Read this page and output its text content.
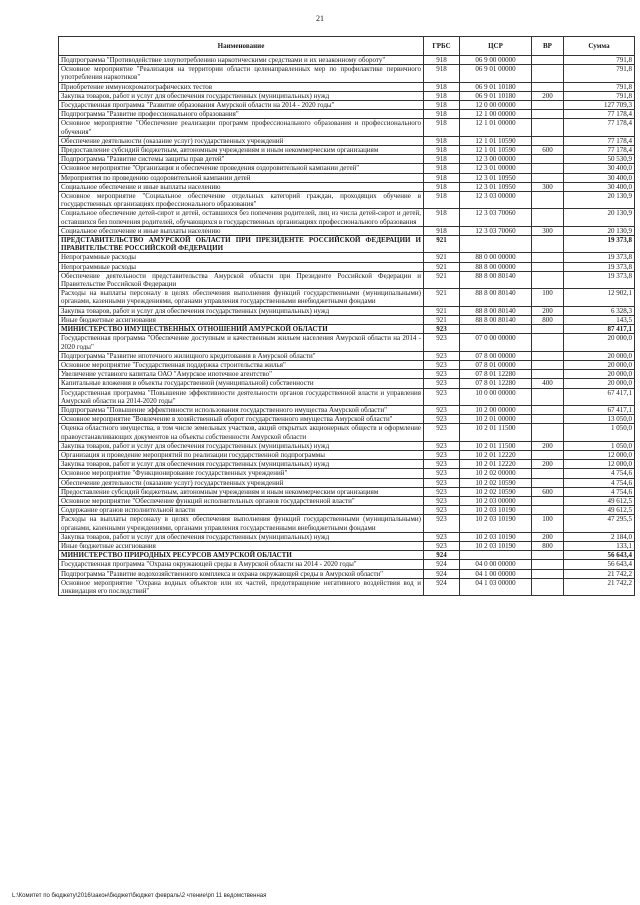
21
Наименование	ГРБС	ЦСР	ВР	Сумма
Подпрограмма "Противодействие злоупотреблению наркотическими средствами и их незаконному обороту"	918	06 9 00 00000		791,8
Основное мероприятие "Реализация на территории области целенаправленных мер по профилактике первичного употребления наркотиков"	918	06 9 01 00000		791,8
Приобретение иммунохроматографических тестов	918	06 9 01 10180		791,8
Закупка товаров, работ и услуг для обеспечения государственных (муниципальных) нужд	918	06 9 01 10180	200	791,8
Государственная программа "Развитие образования Амурской области на 2014 - 2020 годы"	918	12 0 00 00000		127 709,3
Подпрограмма "Развитие профессионального образования"	918	12 1 00 00000		77 178,4
Основное мероприятие "Обеспечение реализации программ профессионального образования и профессионального обучения"	918	12 1 01 00000		77 178,4
Обеспечение деятельности (оказание услуг) государственных учреждений	918	12 1 01 10590		77 178,4
Предоставление субсидий бюджетным, автономным учреждениям и иным некоммерческим организациям	918	12 1 01 10590	600	77 178,4
Подпрограмма "Развитие системы защиты прав детей"	918	12 3 00 00000		50 530,9
Основное мероприятие "Организация и обеспечение проведения оздоровительной кампании детей"	918	12 3 01 00000		30 400,0
Мероприятия по проведению оздоровительной кампании детей	918	12 3 01 10950		30 400,0
Социальное обеспечение и иные выплаты населению	918	12 3 01 10950	300	30 400,0
Основное мероприятие "Социальное обеспечение отдельных категорий граждан, проходящих обучение в государственных организациях профессионального образования"	918	12 3 03 00000		20 130,9
Социальное обеспечение детей-сирот и детей, оставшихся без попечения родителей, лиц из числа детей-сирот и детей, оставшихся без попечения родителей, обучающихся в государственных организациях профессионального образования	918	12 3 03 70060		20 130,9
Социальное обеспечение и иные выплаты населению	918	12 3 03 70060	300	20 130,9
ПРЕДСТАВИТЕЛЬСТВО АМУРСКОЙ ОБЛАСТИ ПРИ ПРЕЗИДЕНТЕ РОССИЙСКОЙ ФЕДЕРАЦИИ И ПРАВИТЕЛЬСТВЕ РОССИЙСКОЙ ФЕДЕРАЦИИ	921			19 373,8
Непрограммные расходы	921	88 0 00 00000		19 373,8
Непрограммные расходы	921	88 8 00 00000		19 373,8
Обеспечение деятельности представительства Амурской области при Президенте Российской Федерации и Правительстве Российской Федерации	921	88 8 00 80140		19 373,8
Расходы на выплаты персоналу в целях обеспечения выполнения функций государственными (муниципальными) органами, казенными учреждениями, органами управления государственными внебюджетными фондами	921	88 8 00 80140	100	12 902,1
Закупка товаров, работ и услуг для обеспечения государственных (муниципальных) нужд	921	88 8 00 80140	200	6 328,3
Иные бюджетные ассигнования	921	88 8 00 80140	800	143,5
МИНИСТЕРСТВО ИМУЩЕСТВЕННЫХ ОТНОШЕНИЙ АМУРСКОЙ ОБЛАСТИ	923			87 417,1
Государственная программа "Обеспечение доступным и качественным жильем населения Амурской области на 2014 - 2020 годы"	923	07 0 00 00000		20 000,0
Подпрограмма "Развитие ипотечного жилищного кредитования в Амурской области"	923	07 8 00 00000		20 000,0
Основное мероприятие "Государственная поддержка строительства жилья"	923	07 8 01 00000		20 000,0
Увеличение уставного капитала ОАО "Амурское ипотечное агентство"	923	07 8 01 12280		20 000,0
Капитальные вложения в объекты государственной (муниципальной) собственности	923	07 8 01 12280	400	20 000,0
Государственная программа "Повышение эффективности деятельности органов государственной власти и управления Амурской области на 2014-2020 годы"	923	10 0 00 00000		67 417,1
Подпрограмма "Повышение эффективности использования государственного имущества Амурской области"	923	10 2 00 00000		67 417,1
Основное мероприятие "Вовлечение в хозяйственный оборот государственного имущества Амурской области"	923	10 2 01 00000		13 050,0
Оценка областного имущества, в том числе земельных участков, акций открытых акционерных обществ и оформление правоустанавливающих документов на объекты собственности Амурской области	923	10 2 01 11500		1 050,0
Закупка товаров, работ и услуг для обеспечения государственных (муниципальных) нужд	923	10 2 01 11500	200	1 050,0
Организация и проведение мероприятий по реализации государственной подпрограммы	923	10 2 01 12220		12 000,0
Закупка товаров, работ и услуг для обеспечения государственных (муниципальных) нужд	923	10 2 01 12220	200	12 000,0
Основное мероприятие "Функционирование государственных учреждений"	923	10 2 02 00000		4 754,6
Обеспечение деятельности (оказание услуг) государственных учреждений	923	10 2 02 10590		4 754,6
Предоставление субсидий бюджетным, автономным учреждениям и иным некоммерческим организациям	923	10 2 02 10590	600	4 754,6
Основное мероприятие "Обеспечение функций исполнительных органов государственной власти"	923	10 2 03 00000		49 612,5
Содержание органов исполнительной власти	923	10 2 03 10190		49 612,5
Расходы на выплаты персоналу в целях обеспечения выполнения функций государственными (муниципальными) органами, казенными учреждениями, органами управления государственными внебюджетными фондами	923	10 2 03 10190	100	47 295,5
Закупка товаров, работ и услуг для обеспечения государственных (муниципальных) нужд	923	10 2 03 10190	200	2 184,0
Иные бюджетные ассигнования	923	10 2 03 10190	800	133,1
МИНИСТЕРСТВО ПРИРОДНЫХ РЕСУРСОВ АМУРСКОЙ ОБЛАСТИ	924			56 643,4
Государственная программа "Охрана окружающей среды в Амурской области на 2014 - 2020 годы"	924	04 0 00 00000		56 643,4
Подпрограмма "Развитие водохозяйственного комплекса и охрана окружающей среды в Амурской области"	924	04 1 00 00000		21 742,2
Основное мероприятие "Охрана водных объектов или их частей, предотвращение негативного воздействия вод и ликвидация его последствий"	924	04 1 03 00000		21 742,2
L:\Комитет по бюджету\2016\закон\бюджет\бюджет февраль\2 чтение\рп 11 ведомственная
